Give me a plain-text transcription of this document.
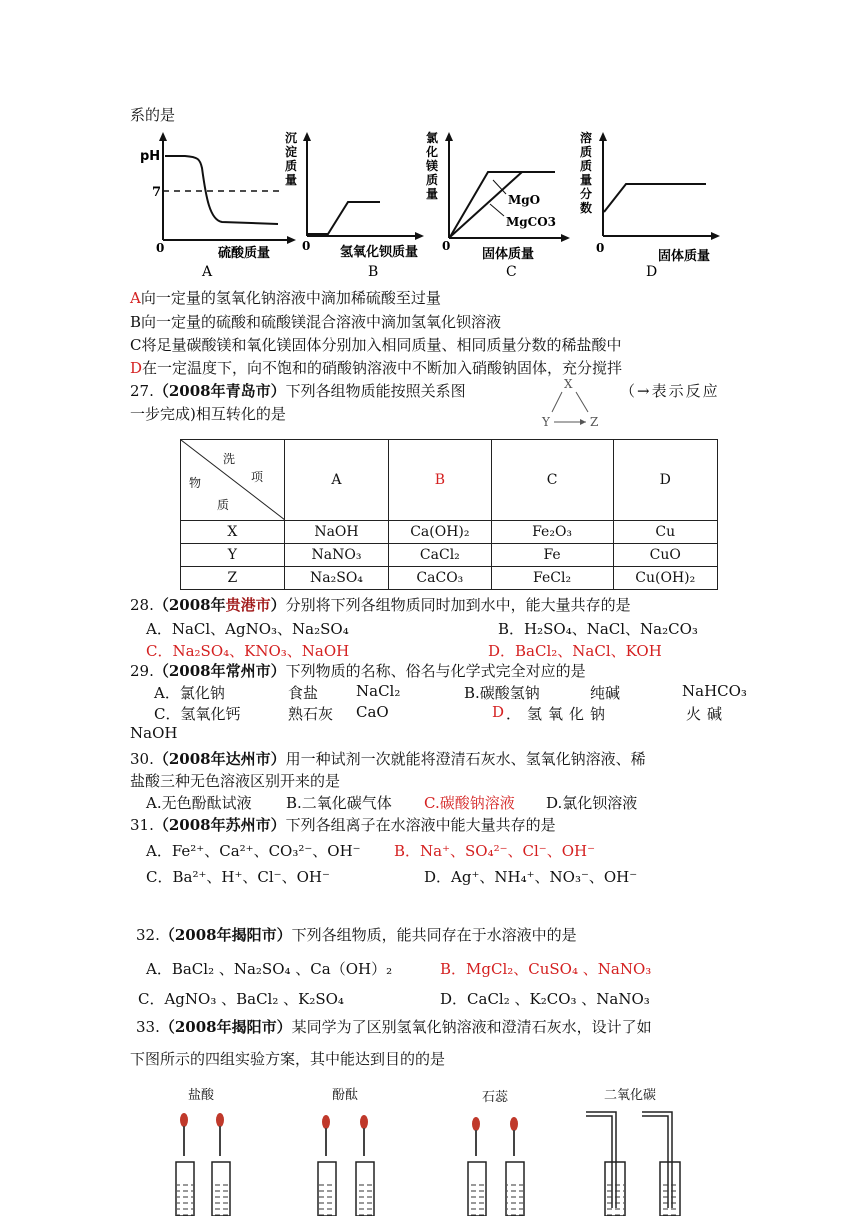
系的是
pH
7
0	硫酸质量
A
沉
淀
质
量
0 氢氧化钡质量
B
氯
化
镁
质
量	MgO
MgCO3
0
固体质量
C
溶
质
质
量
分
数
0
固体质量
D
A向一定量的氢氧化钠溶液中滴加稀硫酸至过量
B向一定量的硫酸和硫酸镁混合溶液中滴加氢氧化钡溶液
C将足量碳酸镁和氧化镁固体分别加入相同质量、相同质量分数的稀盐酸中
D在一定温度下，向不饱和的硝酸钠溶液中不断加入硝酸钠固体，充分搅拌
27.（2008年青岛市）下列各组物质能按照关系图	X
Y	Z
（→表示反应
一步完成)相互转化的是
洗
项
物
质	A	B	C	D
X	NaOH	Ca(OH)₂	Fe₂O₃	Cu
Y	NaNO₃	CaCl₂	Fe	CuO
Z	Na₂SO₄	CaCO₃	FeCl₂	Cu(OH)₂
28.（2008年贵港市）分别将下列各组物质同时加到水中，能大量共存的是
A．NaCl、AgNO₃、Na₂SO₄	B．H₂SO₄、NaCl、Na₂CO₃
C．Na₂SO₄、KNO₃、NaOH	D．BaCl₂、NaCl、KOH
29.（2008年常州市）下列物质的名称、俗名与化学式完全对应的是
A．氯化钠	食盐	NaCl₂	B.碳酸氢钠	纯碱	NaHCO₃
C．氢氧化钙	熟石灰 CaO	D ．氢氧化钠	火碱
NaOH
30.（2008年达州市）用一种试剂一次就能将澄清石灰水、氢氧化钠溶液、稀
盐酸三种无色溶液区别开来的是
A.无色酚酞试液 B.二氧化碳气体 C.碳酸钠溶液 D.氯化钡溶液
31.（2008年苏州市）下列各组离子在水溶液中能大量共存的是
A．Fe²⁺、Ca²⁺、CO₃²⁻、OH⁻ B．Na⁺、SO₄²⁻、Cl⁻、OH⁻
C．Ba²⁺、H⁺、Cl⁻、OH⁻	D．Ag⁺、NH₄⁺、NO₃⁻、OH⁻
32.（2008年揭阳市）下列各组物质，能共同存在于水溶液中的是
A．BaCl₂ 、Na₂SO₄ 、Ca（OH）₂	B．MgCl₂、CuSO₄ 、NaNO₃
C．AgNO₃ 、BaCl₂ 、K₂SO₄	D．CaCl₂ 、K₂CO₃ 、NaNO₃
33.（2008年揭阳市）某同学为了区别氢氧化钠溶液和澄清石灰水，设计了如
下图所示的四组实验方案，其中能达到目的的是
盐酸	酚酞	石蕊	二氧化碳
